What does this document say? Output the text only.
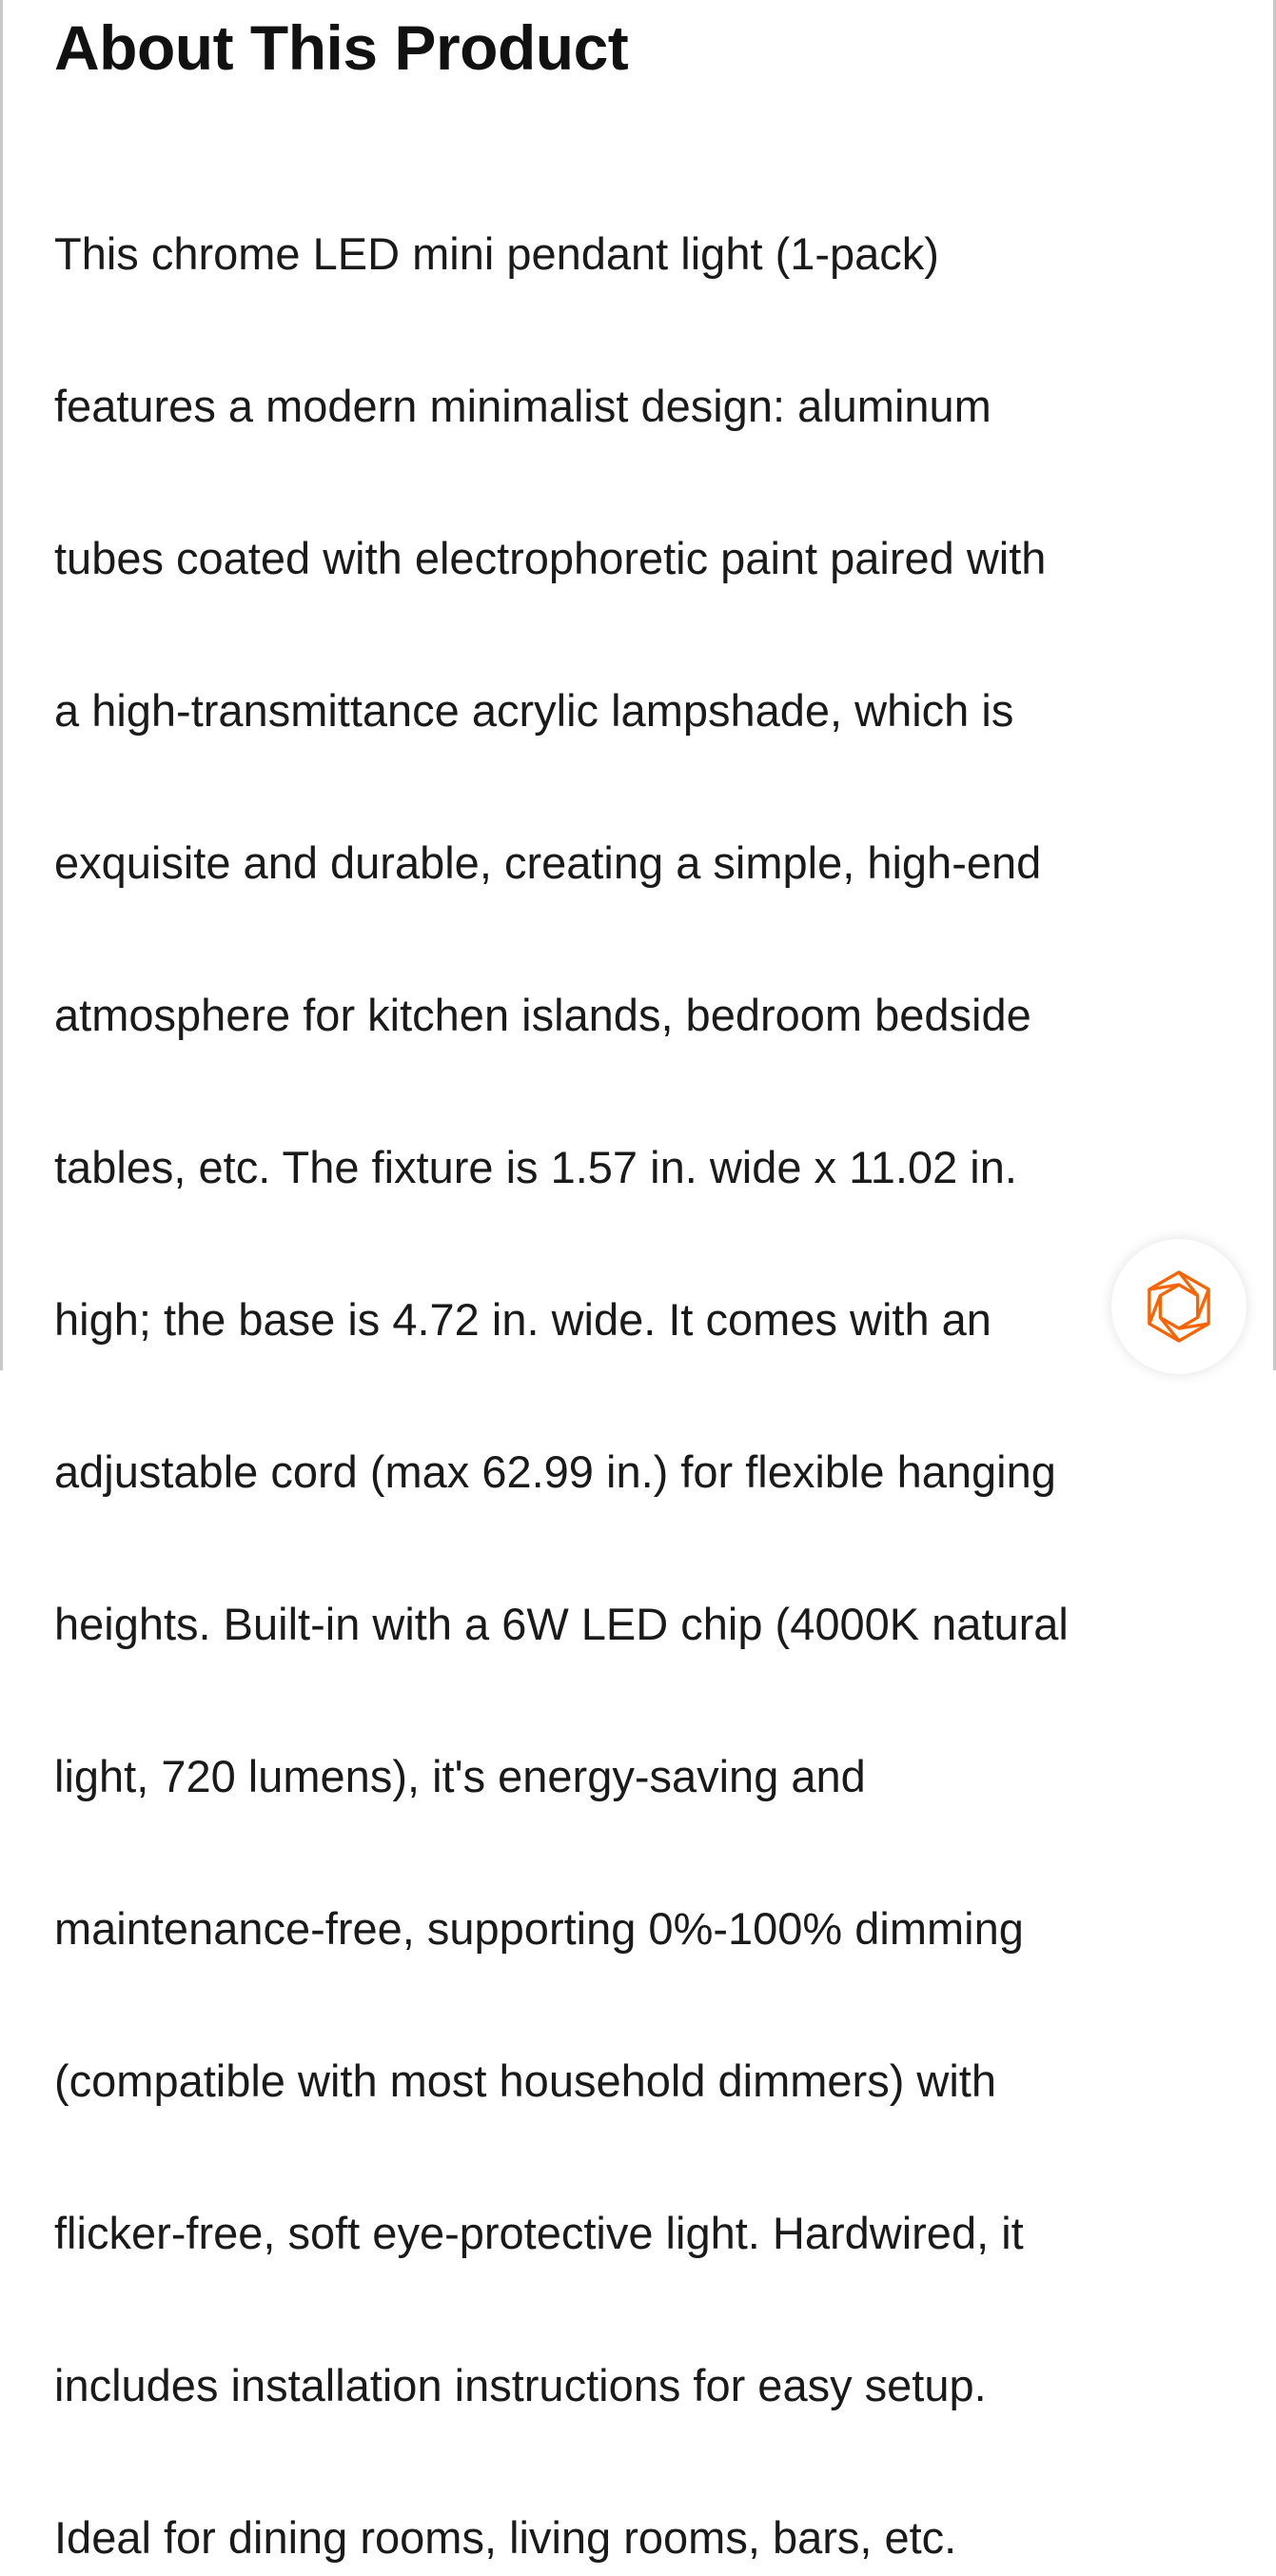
About This Product

This chrome LED mini pendant light (1-pack)

features a modern minimalist design: aluminum

tubes coated with electrophoretic paint paired with

a high-transmittance acrylic lampshade, which is

exquisite and durable, creating a simple, high-end

atmosphere for kitchen islands, bedroom bedside

tables, etc. The fixture is 1.57 in. wide x 11.02 in.

high; the base is 4.72 in. wide. It comes with an

adjustable cord (max 62.99 in.) for flexible hanging

heights. Built-in with a 6W LED chip (4000K natural

light, 720 lumens), it's energy-saving and

maintenance-free, supporting 0%-100% dimming

(compatible with most household dimmers) with

flicker-free, soft eye-protective light. Hardwired, it

includes installation instructions for easy setup.

Ideal for dining rooms, living rooms, bars, etc.
